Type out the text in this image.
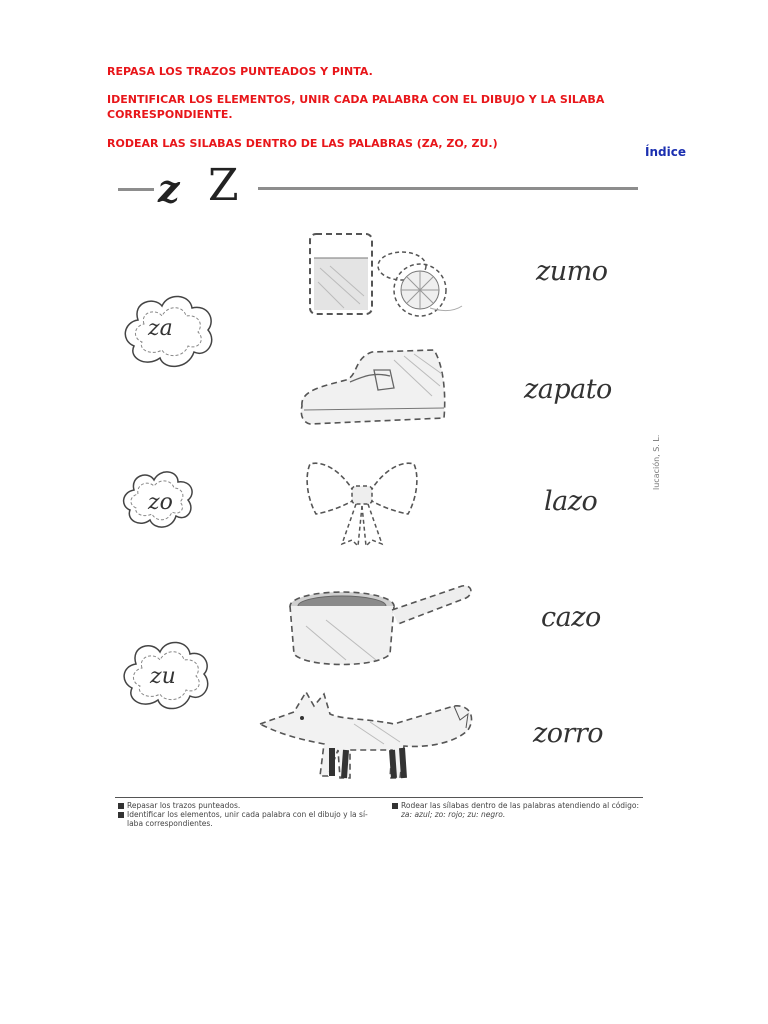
REPASA LOS TRAZOS PUNTEADOS Y PINTA.

IDENTIFICAR LOS ELEMENTOS, UNIR CADA PALABRA CON EL DIBUJO Y LA SILABA CORRESPONDIENTE.

RODEAR LAS SILABAS DENTRO DE LAS PALABRAS (ZA, ZO, ZU.)

Índice
z Z
za
zo
zu
zumo
zapato
lazo
cazo
zorro
lucación, S. L.
Repasar los trazos punteados.
Identificar los elementos, unir cada palabra con el dibujo y la sí-
laba correspondientes.
Rodear las sílabas dentro de las palabras atendiendo al código:
za: azul; zo: rojo; zu: negro.
